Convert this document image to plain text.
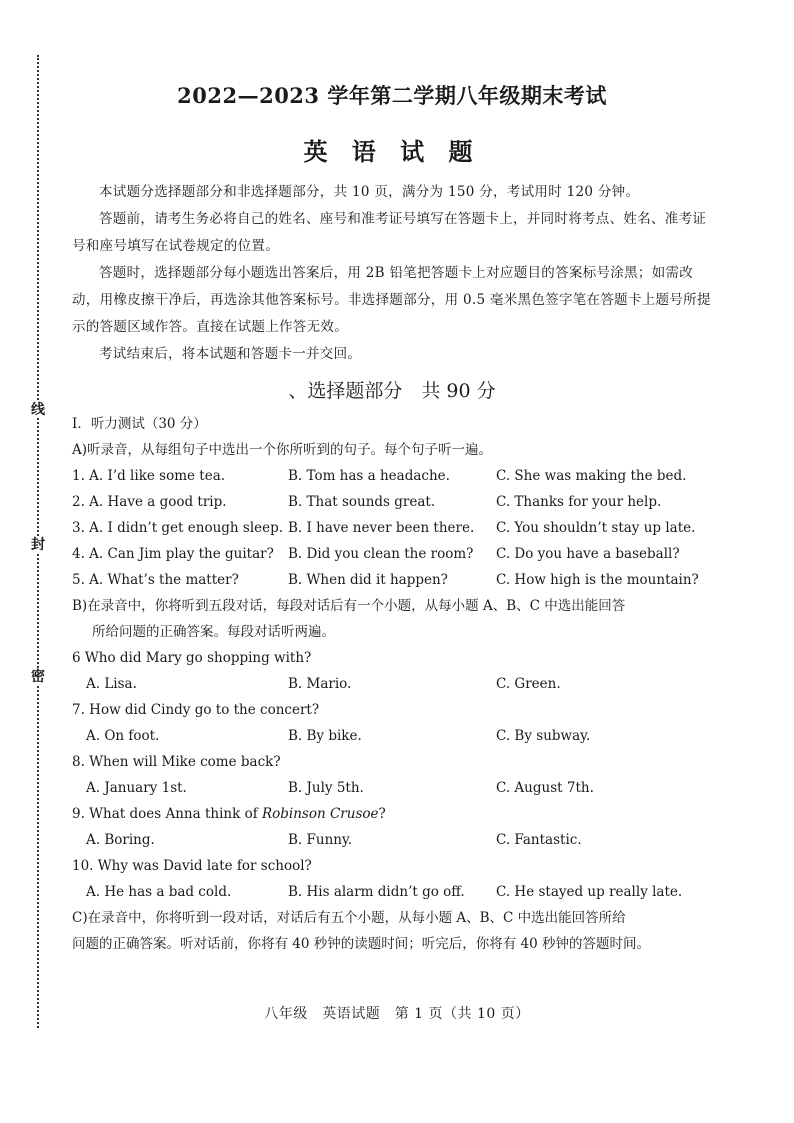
线
封
密
2022—2023 学年第二学期八年级期末考试
英 语 试 题

本试题分选择题部分和非选择题部分，共 10 页，满分为 150 分，考试用时 120 分钟。

答题前，请考生务必将自己的姓名、座号和准考证号填写在答题卡上，并同时将考点、姓名、准考证号和座号填写在试卷规定的位置。

答题时，选择题部分每小题选出答案后，用 2B 铅笔把答题卡上对应题目的答案标号涂黑；如需改动，用橡皮擦干净后，再选涂其他答案标号。非选择题部分，用 0.5 毫米黑色签字笔在答题卡上题号所提示的答题区域作答。直接在试题上作答无效。

考试结束后，将本试题和答题卡一并交回。

、选择题部分　共 90 分
I．听力测试（30 分）
A)听录音，从每组句子中选出一个你所听到的句子。每个句子听一遍。
1. A. I’d like some tea.	B. Tom has a headache.	C. She was making the bed.
2. A. Have a good trip.	B. That sounds great.	C. Thanks for your help.
3. A. I didn’t get enough sleep. B. I have never been there.	C. You shouldn’t stay up late.
4. A. Can Jim play the guitar?	B. Did you clean the room?	C. Do you have a baseball?
5. A. What’s the matter?	B. When did it happen?	C. How high is the mountain?
B)在录音中，你将听到五段对话，每段对话后有一个小题，从每小题 A、B、C 中选出能回答
所给问题的正确答案。每段对话听两遍。
6 Who did Mary go shopping with?
A. Lisa.	B. Mario.	C. Green.
7. How did Cindy go to the concert?
A. On foot.	B. By bike.	C. By subway.
8. When will Mike come back?
A. January 1st.	B. July 5th.	C. August 7th.
9. What does Anna think of Robinson Crusoe?
A. Boring.	B. Funny.	C. Fantastic.
10. Why was David late for school?
A. He has a bad cold.	B. His alarm didn’t go off.	C. He stayed up really late.
C)在录音中，你将听到一段对话，对话后有五个小题，从每小题 A、B、C 中选出能回答所给
问题的正确答案。听对话前，你将有 40 秒钟的读题时间；听完后，你将有 40 秒钟的答题时间。
八年级　英语试题　第 1 页（共 10 页）
